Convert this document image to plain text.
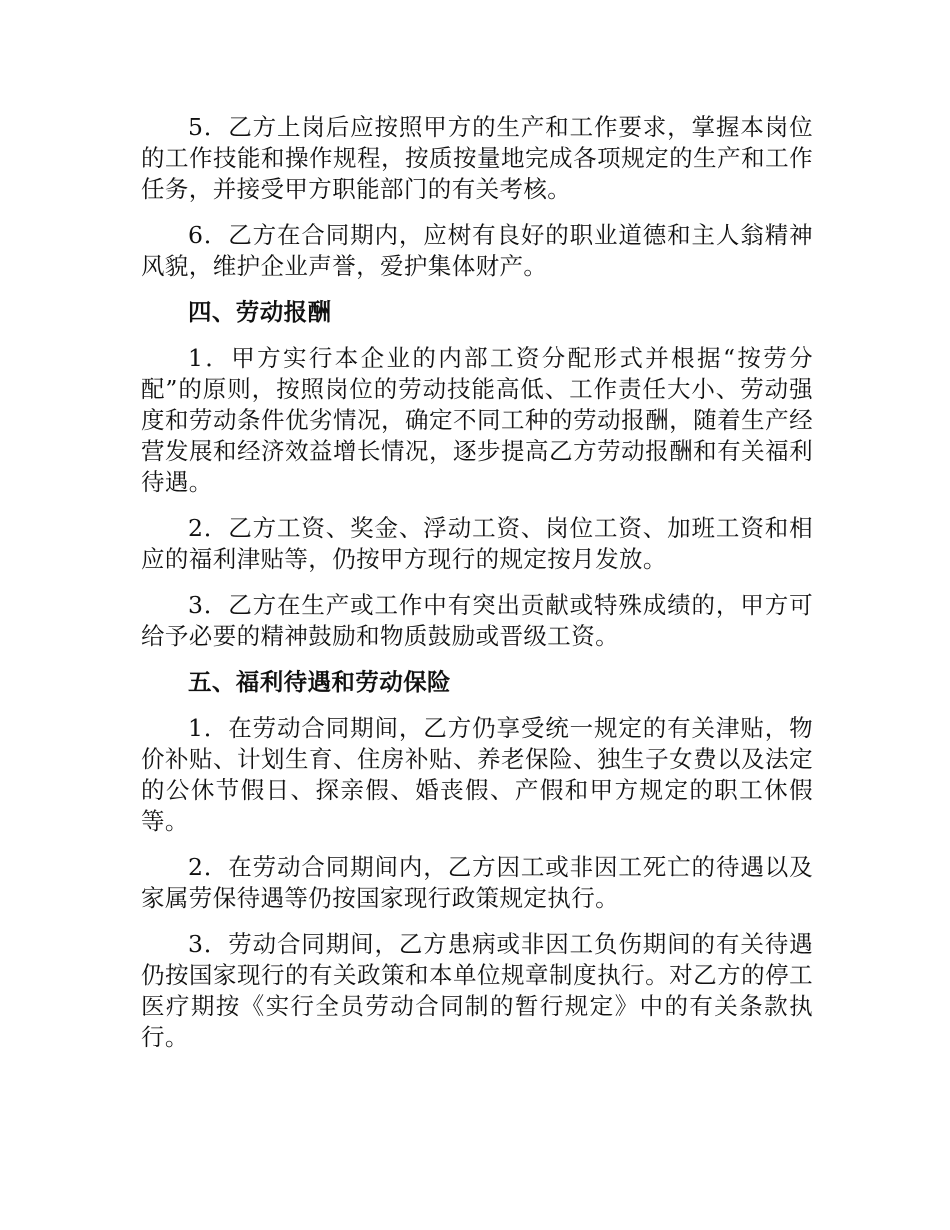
5．乙方上岗后应按照甲方的生产和工作要求，掌握本岗位的工作技能和操作规程，按质按量地完成各项规定的生产和工作任务，并接受甲方职能部门的有关考核。

6．乙方在合同期内，应树有良好的职业道德和主人翁精神风貌，维护企业声誉，爱护集体财产。

四、劳动报酬

1．甲方实行本企业的内部工资分配形式并根据“按劳分配”的原则，按照岗位的劳动技能高低、工作责任大小、劳动强度和劳动条件优劣情况，确定不同工种的劳动报酬，随着生产经营发展和经济效益增长情况，逐步提高乙方劳动报酬和有关福利待遇。

2．乙方工资、奖金、浮动工资、岗位工资、加班工资和相应的福利津贴等，仍按甲方现行的规定按月发放。

3．乙方在生产或工作中有突出贡献或特殊成绩的，甲方可给予必要的精神鼓励和物质鼓励或晋级工资。

五、福利待遇和劳动保险

1．在劳动合同期间，乙方仍享受统一规定的有关津贴，物价补贴、计划生育、住房补贴、养老保险、独生子女费以及法定的公休节假日、探亲假、婚丧假、产假和甲方规定的职工休假等。

2．在劳动合同期间内，乙方因工或非因工死亡的待遇以及家属劳保待遇等仍按国家现行政策规定执行。

3．劳动合同期间，乙方患病或非因工负伤期间的有关待遇仍按国家现行的有关政策和本单位规章制度执行。对乙方的停工医疗期按《实行全员劳动合同制的暂行规定》中的有关条款执行。
